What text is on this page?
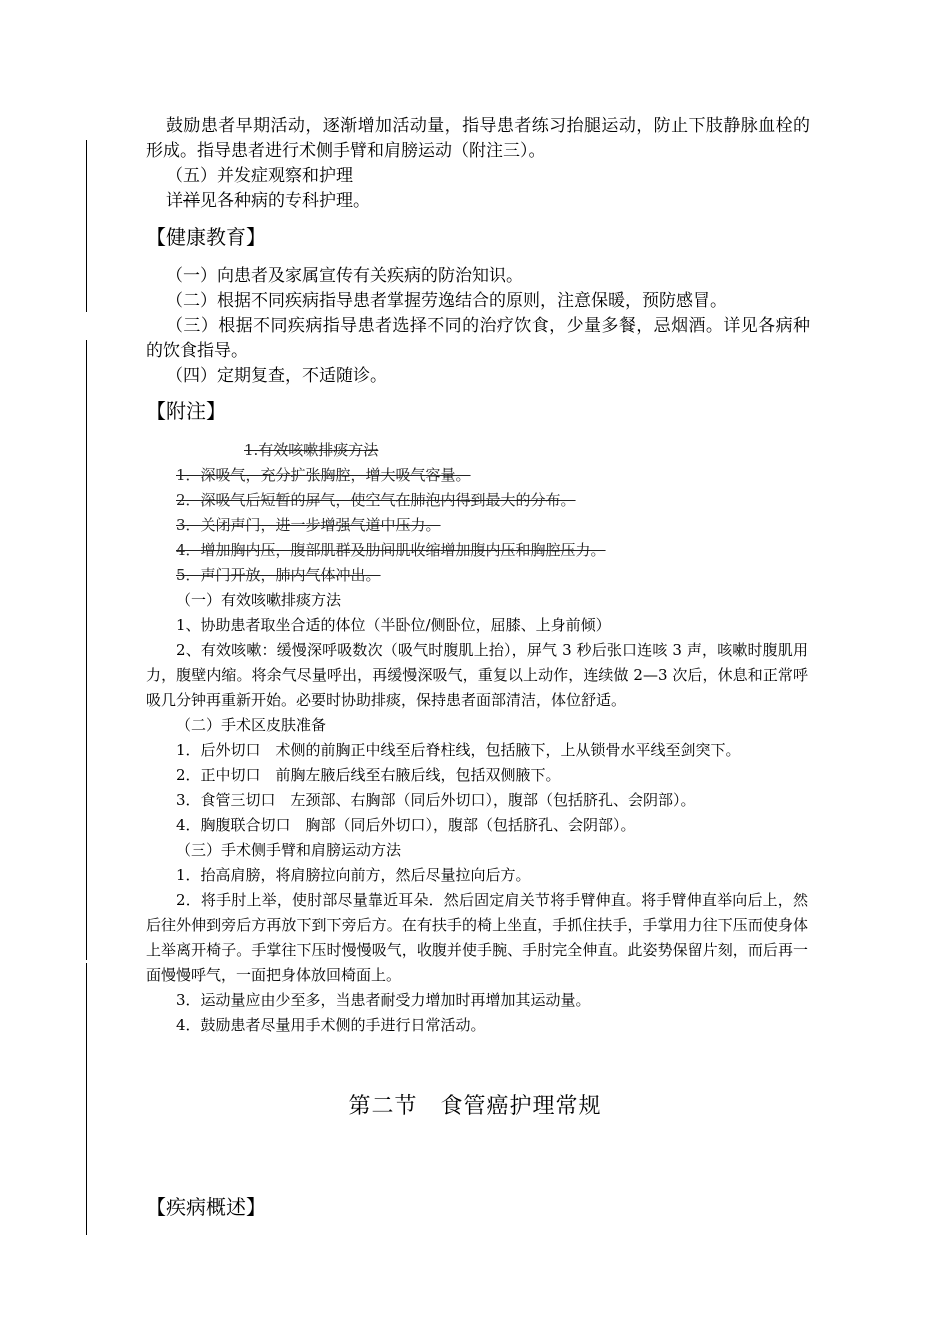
鼓励患者早期活动，逐渐增加活动量，指导患者练习抬腿运动，防止下肢静脉血栓的形成。指导患者进行术侧手臂和肩膀运动（附注三）。
（五）并发症观察和护理
详祥见各种病的专科护理。
【健康教育】
（一）向患者及家属宣传有关疾病的防治知识。
（二）根据不同疾病指导患者掌握劳逸结合的原则，注意保暖，预防感冒。
（三）根据不同疾病指导患者选择不同的治疗饮食，少量多餐，忌烟酒。详见各病种的饮食指导。
（四）定期复查，不适随诊。
【附注】
1.有效咳嗽排痰方法
1．深吸气，充分扩张胸腔，增大吸气容量。
2．深吸气后短暂的屏气，使空气在肺泡内得到最大的分布。
3．关闭声门，进一步增强气道中压力。
4．增加胸内压，腹部肌群及肋间肌收缩增加腹内压和胸腔压力。
5．声门开放，肺内气体冲出。
（一）有效咳嗽排痰方法
1、协助患者取坐合适的体位（半卧位/侧卧位，屈膝、上身前倾）
2、有效咳嗽：缓慢深呼吸数次（吸气时腹肌上抬），屏气 3 秒后张口连咳 3 声，咳嗽时腹肌用力，腹壁内缩。将余气尽量呼出，再缓慢深吸气，重复以上动作，连续做 2—3 次后，休息和正常呼吸几分钟再重新开始。必要时协助排痰，保持患者面部清洁，体位舒适。
（二）手术区皮肤准备
1．后外切口　术侧的前胸正中线至后脊柱线，包括腋下，上从锁骨水平线至剑突下。
2．正中切口　前胸左腋后线至右腋后线，包括双侧腋下。
3．食管三切口　左颈部、右胸部（同后外切口），腹部（包括脐孔、会阴部）。
4．胸腹联合切口　胸部（同后外切口），腹部（包括脐孔、会阴部）。
（三）手术侧手臂和肩膀运动方法
1．抬高肩膀，将肩膀拉向前方，然后尽量拉向后方。
2．将手肘上举，使肘部尽量靠近耳朵．然后固定肩关节将手臂伸直。将手臂伸直举向后上，然后往外伸到旁后方再放下到下旁后方。在有扶手的椅上坐直，手抓住扶手，手掌用力往下压而使身体上举离开椅子。手掌往下压时慢慢吸气，收腹并使手腕、手肘完全伸直。此姿势保留片刻，而后再一面慢慢呼气，一面把身体放回椅面上。
3．运动量应由少至多，当患者耐受力增加时再增加其运动量。
4．鼓励患者尽量用手术侧的手进行日常活动。
第二节　食管癌护理常规
【疾病概述】
